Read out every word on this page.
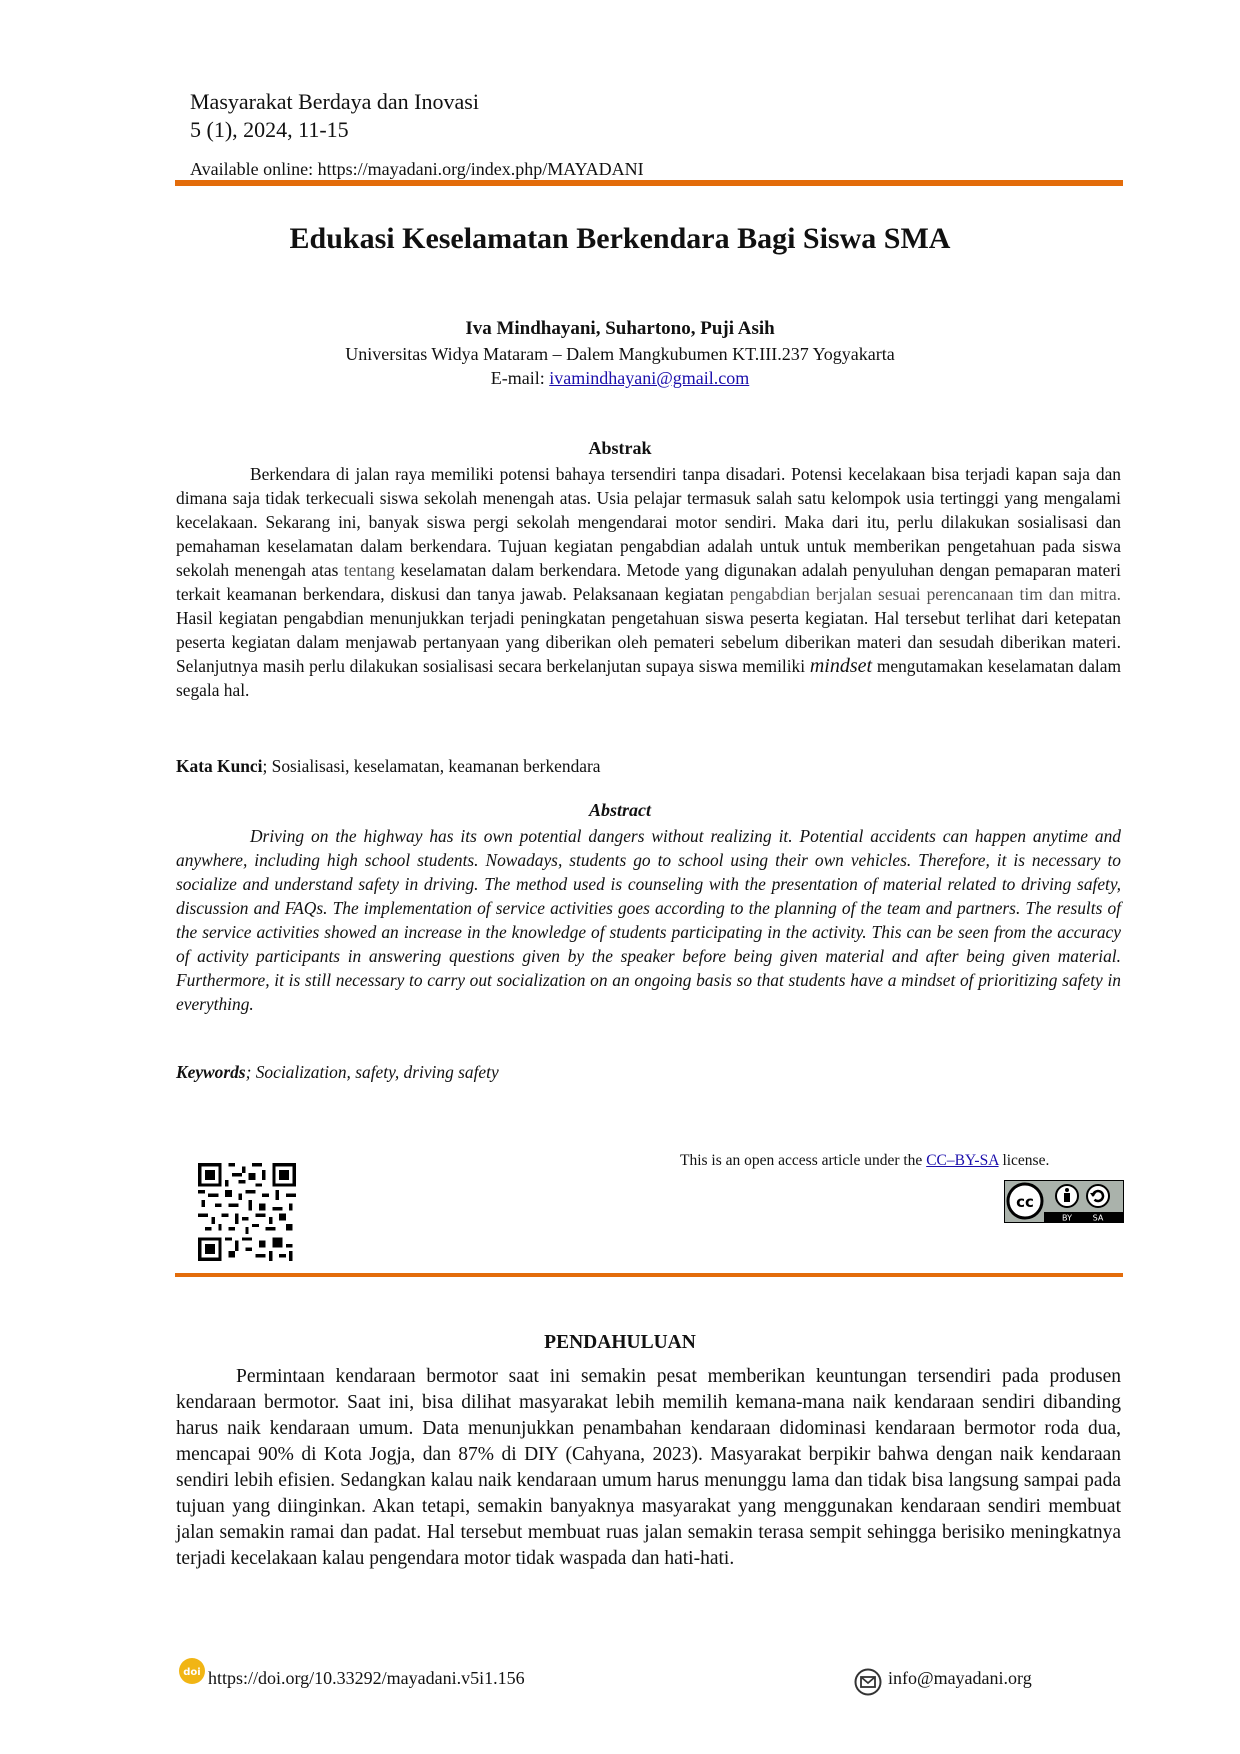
Masyarakat Berdaya dan Inovasi
5 (1), 2024, 11-15
Available online: https://mayadani.org/index.php/MAYADANI
Edukasi Keselamatan Berkendara Bagi Siswa SMA
Iva Mindhayani, Suhartono, Puji Asih
Universitas Widya Mataram – Dalem Mangkubumen KT.III.237 Yogyakarta
E-mail: ivamindhayani@gmail.com
Abstrak

Berkendara di jalan raya memiliki potensi bahaya tersendiri tanpa disadari. Potensi kecelakaan bisa terjadi kapan saja dan dimana saja tidak terkecuali siswa sekolah menengah atas. Usia pelajar termasuk salah satu kelompok usia tertinggi yang mengalami kecelakaan. Sekarang ini, banyak siswa pergi sekolah mengendarai motor sendiri. Maka dari itu, perlu dilakukan sosialisasi dan pemahaman keselamatan dalam berkendara. Tujuan kegiatan pengabdian adalah untuk untuk memberikan pengetahuan pada siswa sekolah menengah atas tentang keselamatan dalam berkendara. Metode yang digunakan adalah penyuluhan dengan pemaparan materi terkait keamanan berkendara, diskusi dan tanya jawab. Pelaksanaan kegiatan pengabdian berjalan sesuai perencanaan tim dan mitra. Hasil kegiatan pengabdian menunjukkan terjadi peningkatan pengetahuan siswa peserta kegiatan. Hal tersebut terlihat dari ketepatan peserta kegiatan dalam menjawab pertanyaan yang diberikan oleh pemateri sebelum diberikan materi dan sesudah diberikan materi. Selanjutnya masih perlu dilakukan sosialisasi secara berkelanjutan supaya siswa memiliki mindset mengutamakan keselamatan dalam segala hal.

Kata Kunci; Sosialisasi, keselamatan, keamanan berkendara
Abstract

Driving on the highway has its own potential dangers without realizing it. Potential accidents can happen anytime and anywhere, including high school students. Nowadays, students go to school using their own vehicles. Therefore, it is necessary to socialize and understand safety in driving. The method used is counseling with the presentation of material related to driving safety, discussion and FAQs. The implementation of service activities goes according to the planning of the team and partners. The results of the service activities showed an increase in the knowledge of students participating in the activity. This can be seen from the accuracy of activity participants in answering questions given by the speaker before being given material and after being given material. Furthermore, it is still necessary to carry out socialization on an ongoing basis so that students have a mindset of prioritizing safety in everything.

Keywords; Socialization, safety, driving safety
This is an open access article under the CC–BY-SA license.
cc
BY	SA
PENDAHULUAN

Permintaan kendaraan bermotor saat ini semakin pesat memberikan keuntungan tersendiri pada produsen kendaraan bermotor. Saat ini, bisa dilihat masyarakat lebih memilih kemana-mana naik kendaraan sendiri dibanding harus naik kendaraan umum. Data menunjukkan penambahan kendaraan didominasi kendaraan bermotor roda dua, mencapai 90% di Kota Jogja, dan 87% di DIY (Cahyana, 2023). Masyarakat berpikir bahwa dengan naik kendaraan sendiri lebih efisien. Sedangkan kalau naik kendaraan umum harus menunggu lama dan tidak bisa langsung sampai pada tujuan yang diinginkan. Akan tetapi, semakin banyaknya masyarakat yang menggunakan kendaraan sendiri membuat jalan semakin ramai dan padat. Hal tersebut membuat ruas jalan semakin terasa sempit sehingga berisiko meningkatnya terjadi kecelakaan kalau pengendara motor tidak waspada dan hati-hati.

doi https://doi.org/10.33292/mayadani.v5i1.156	info@mayadani.org
